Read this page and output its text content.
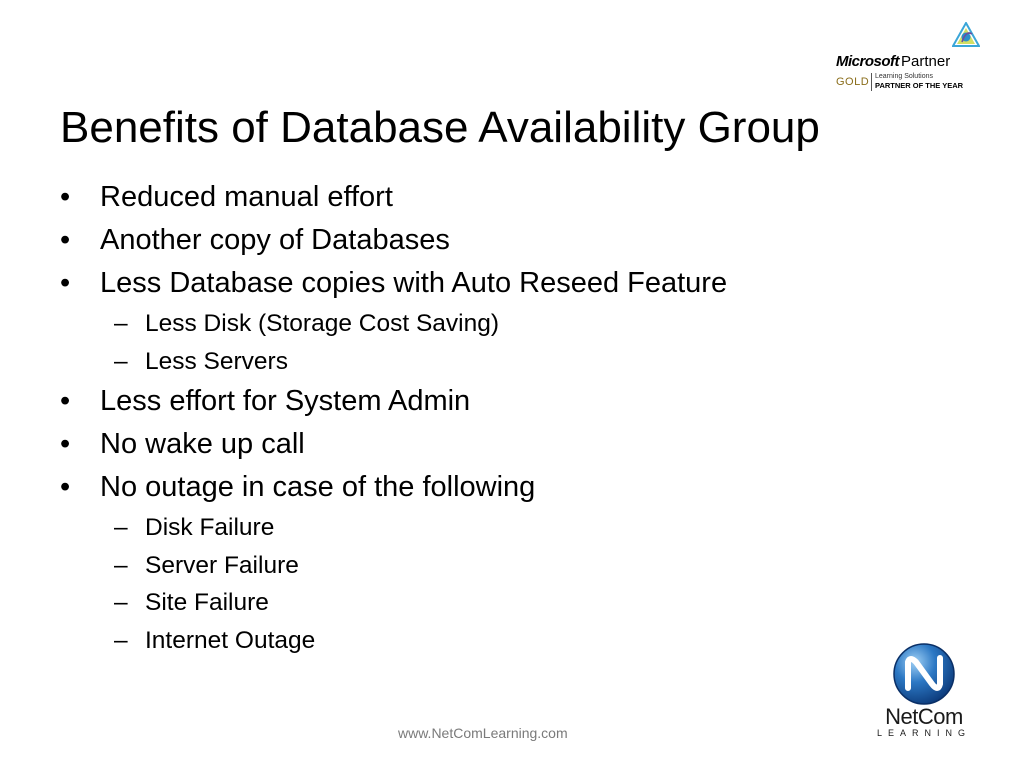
Microsoft Partner
GOLD Learning Solutions
PARTNER OF THE YEAR
Benefits of Database Availability Group
• Reduced manual effort
• Another copy of Databases
• Less Database copies with Auto Reseed Feature
– Less Disk (Storage Cost Saving)
– Less Servers
• Less effort for System Admin
• No wake up call
• No outage in case of the following
– Disk Failure
– Server Failure
– Site Failure
– Internet Outage
www.NetComLearning.com
NetCom
LEARNING
